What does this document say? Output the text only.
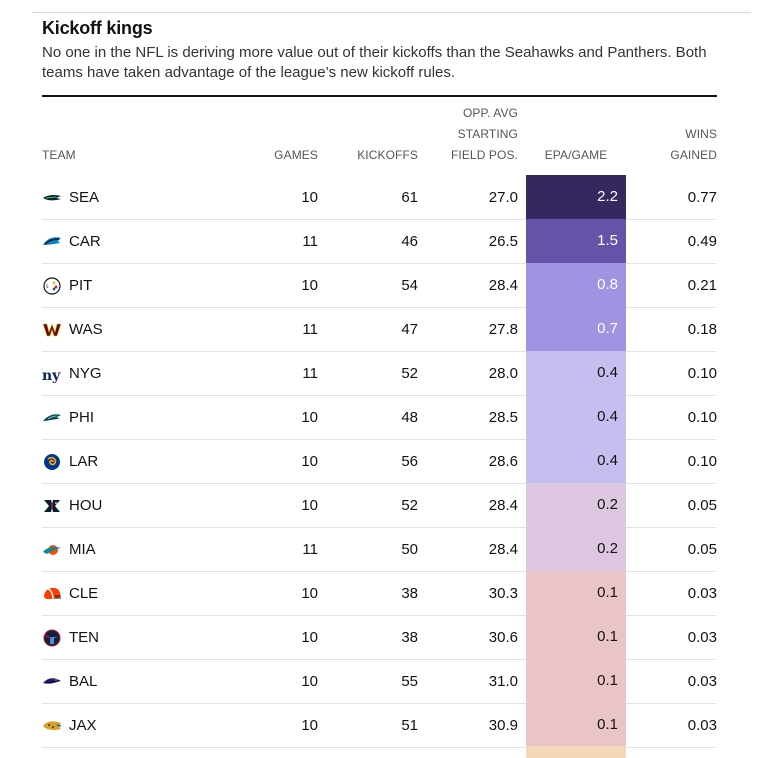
Kickoff kings
No one in the NFL is deriving more value out of their kickoffs than the Seahawks and Panthers. Both teams have taken advantage of the league’s new kickoff rules.
TEAM	GAMES	KICKOFFS
OPP. AVG
STARTING
FIELD POS.	EPA/GAME
WINS
GAINED
SEA	10	61	27.0	2.2	0.77
CAR	11	46	26.5	1.5	0.49
S PIT	10	54	28.4	0.8	0.21
WAS	11	47	27.8	0.7	0.18
ny NYG	11	52	28.0	0.4	0.10
PHI	10	48	28.5	0.4	0.10
LAR	10	56	28.6	0.4	0.10
HOU	10	52	28.4	0.2	0.05
MIA	11	50	28.4	0.2	0.05
CLE	10	38	30.3	0.1	0.03
TEN	10	38	30.6	0.1	0.03
BAL	10	55	31.0	0.1	0.03
JAX	10	51	30.9	0.1	0.03
